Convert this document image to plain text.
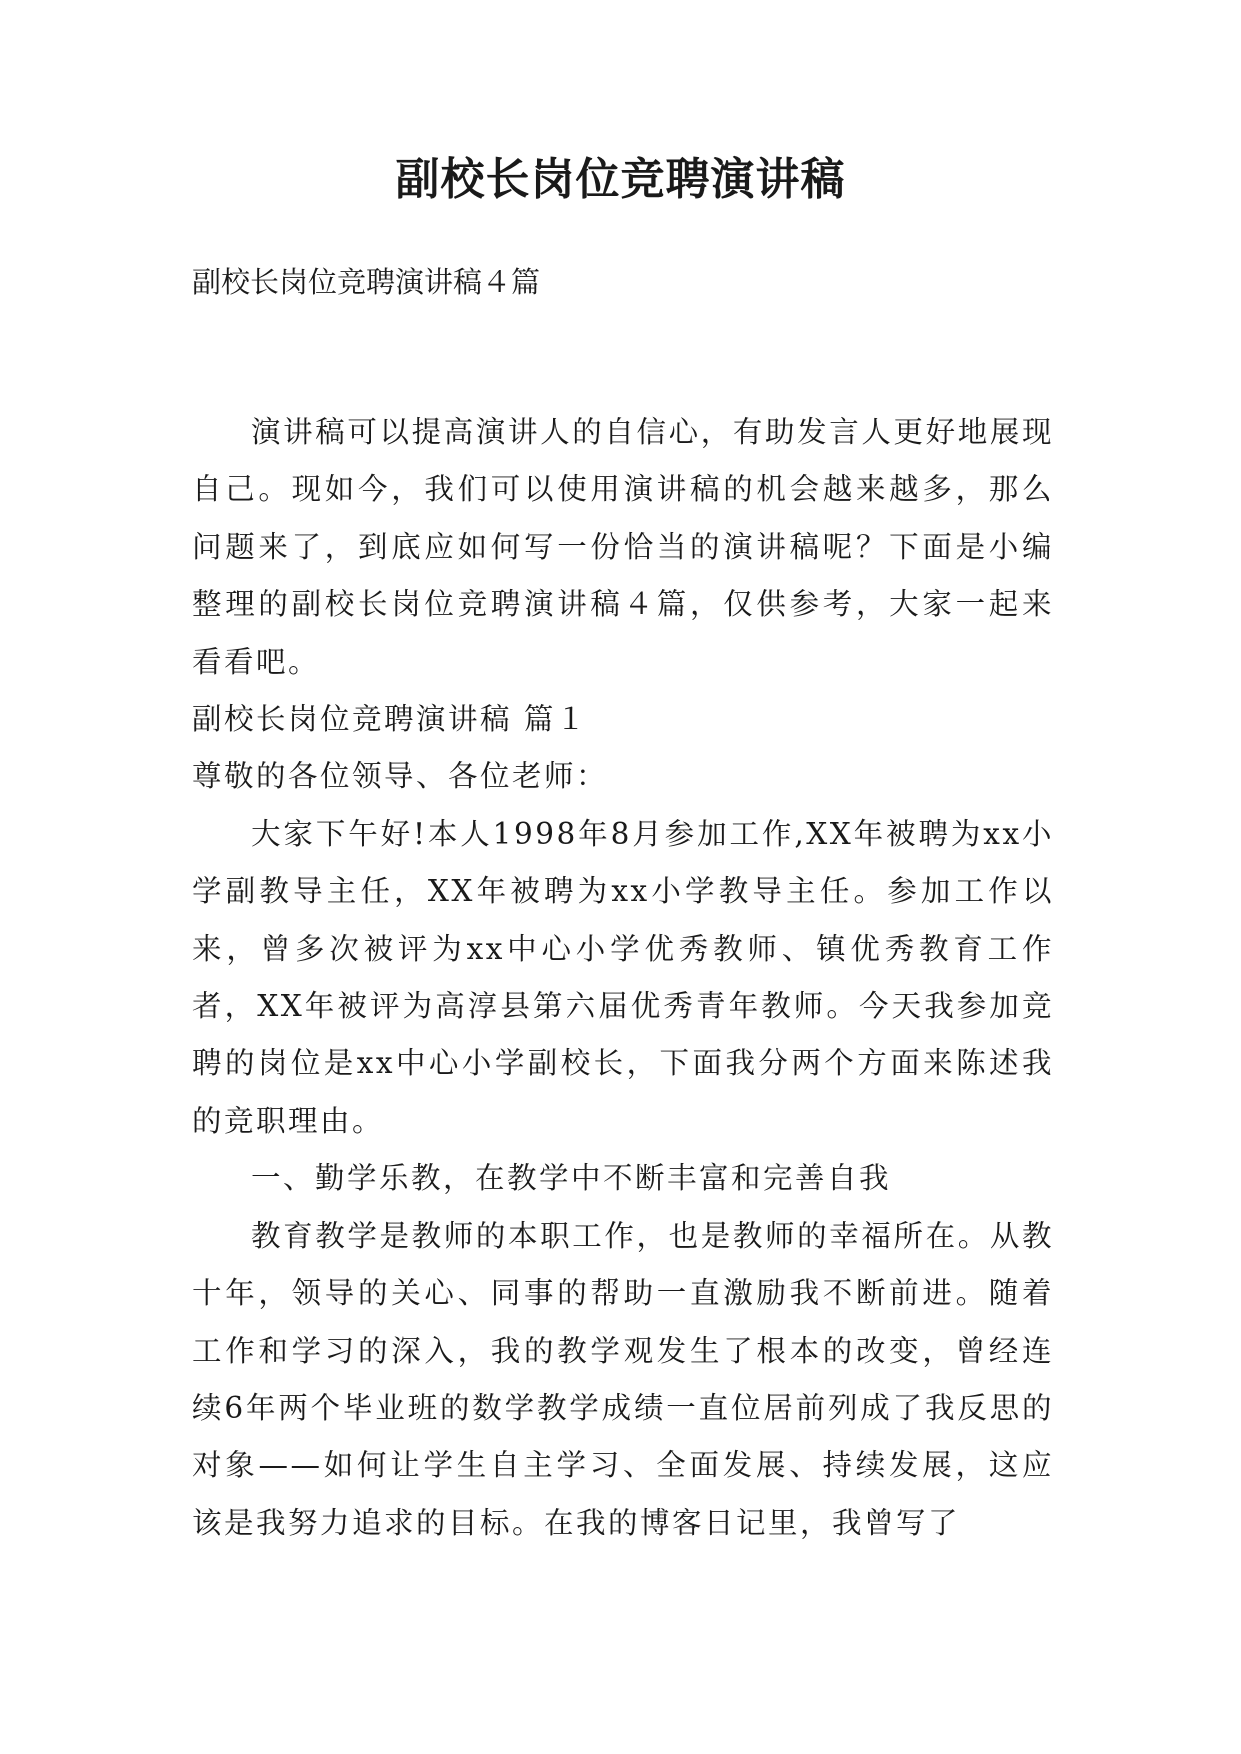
副校长岗位竞聘演讲稿
副校长岗位竞聘演讲稿４篇

演讲稿可以提高演讲人的自信心，有助发言人更好地展现自己。现如今，我们可以使用演讲稿的机会越来越多，那么问题来了，到底应如何写一份恰当的演讲稿呢？下面是小编整理的副校长岗位竞聘演讲稿４篇，仅供参考，大家一起来看看吧。

副校长岗位竞聘演讲稿 篇１

尊敬的各位领导、各位老师：

大家下午好!本人1998年8月参加工作,XX年被聘为xx小学副教导主任，XX年被聘为xx小学教导主任。参加工作以来，曾多次被评为xx中心小学优秀教师、镇优秀教育工作者，XX年被评为高淳县第六届优秀青年教师。今天我参加竞聘的岗位是xx中心小学副校长，下面我分两个方面来陈述我的竞职理由。

一、勤学乐教，在教学中不断丰富和完善自我

教育教学是教师的本职工作，也是教师的幸福所在。从教十年，领导的关心、同事的帮助一直激励我不断前进。随着工作和学习的深入，我的教学观发生了根本的改变，曾经连续6年两个毕业班的数学教学成绩一直位居前列成了我反思的对象——如何让学生自主学习、全面发展、持续发展，这应该是我努力追求的目标。在我的博客日记里，我曾写了
